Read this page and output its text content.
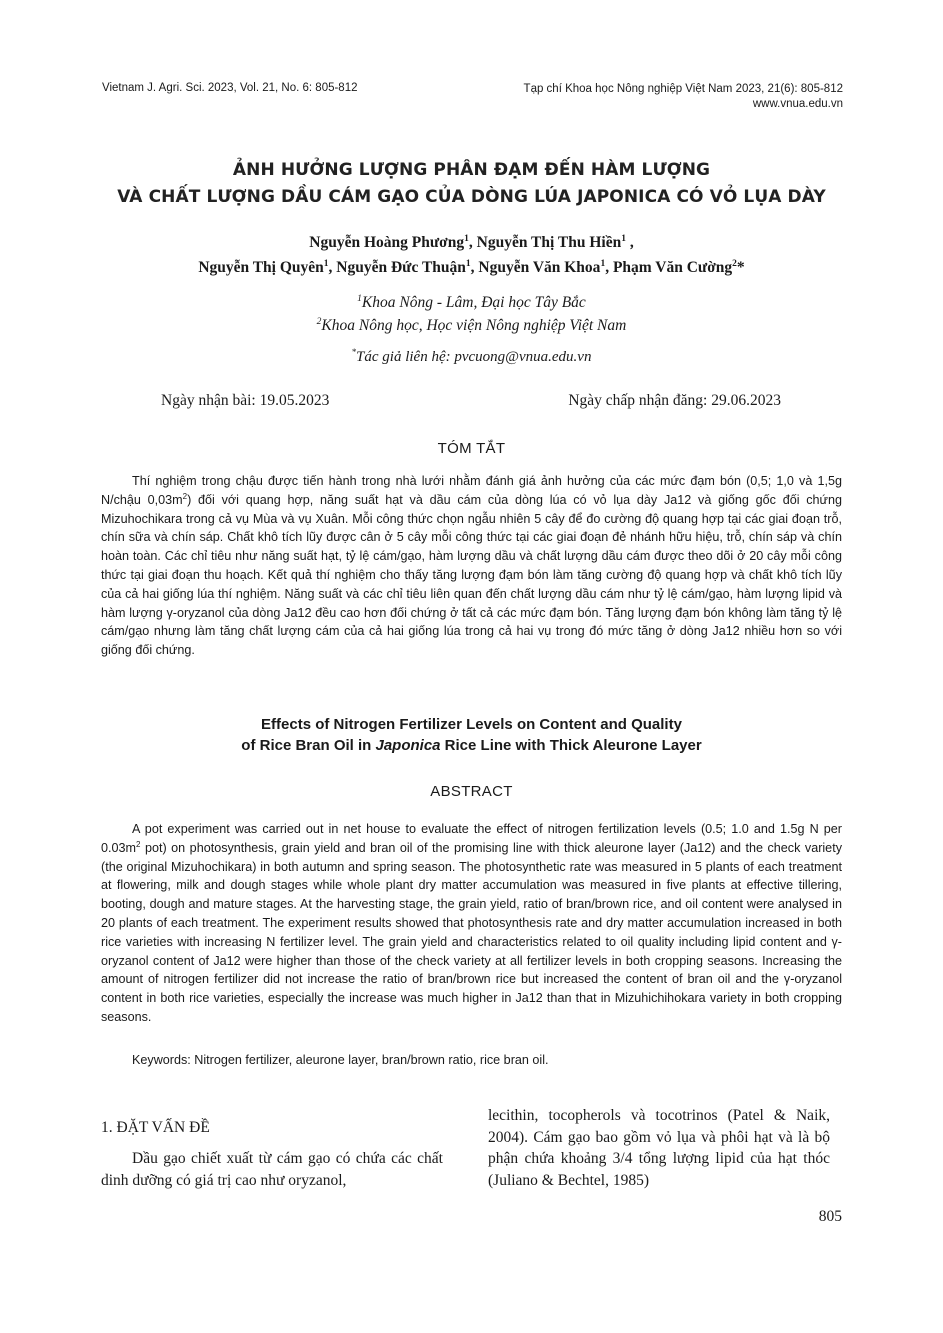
Vietnam J. Agri. Sci. 2023, Vol. 21, No. 6: 805-812	Tạp chí Khoa học Nông nghiệp Việt Nam 2023, 21(6): 805-812
www.vnua.edu.vn
ẢNH HƯỞNG LƯỢNG PHÂN ĐẠM ĐẾN HÀM LƯỢNG
VÀ CHẤT LƯỢNG DẦU CÁM GẠO CỦA DÒNG LÚA JAPONICA CÓ VỎ LỤA DÀY
Nguyễn Hoàng Phương$^1$, Nguyễn Thị Thu Hiền$^1$ ,
Nguyễn Thị Quyên$^1$, Nguyễn Đức Thuận$^1$, Nguyễn Văn Khoa$^1$, Phạm Văn Cường$^2$*
$^1$Khoa Nông - Lâm, Đại học Tây Bắc
$^2$Khoa Nông học, Học viện Nông nghiệp Việt Nam
*Tác giả liên hệ: pvcuong@vnua.edu.vn
Ngày nhận bài: 19.05.2023	Ngày chấp nhận đăng: 29.06.2023
TÓM TẮT

Thí nghiệm trong chậu được tiến hành trong nhà lưới nhằm đánh giá ảnh hưởng của các mức đạm bón (0,5; 1,0 và 1,5g N/chậu $0,03m^2$) đối với quang hợp, năng suất hạt và dầu cám của dòng lúa có vỏ lụa dày Ja12 và giống gốc đối chứng Mizuhochikara trong cả vụ Mùa và vụ Xuân. Mỗi công thức chọn ngẫu nhiên 5 cây để đo cường độ quang hợp tại các giai đoạn trỗ, chín sữa và chín sáp. Chất khô tích lũy được cân ở 5 cây mỗi công thức tại các giai đoạn đẻ nhánh hữu hiệu, trỗ, chín sáp và chín hoàn toàn. Các chỉ tiêu như năng suất hạt, tỷ lệ cám/gạo, hàm lượng dầu và chất lượng dầu cám được theo dõi ở 20 cây mỗi công thức tại giai đoạn thu hoạch. Kết quả thí nghiệm cho thấy tăng lượng đạm bón làm tăng cường độ quang hợp và chất khô tích lũy của cả hai giống lúa thí nghiệm. Năng suất và các chỉ tiêu liên quan đến chất lượng dầu cám như tỷ lệ cám/gạo, hàm lượng lipid và hàm lượng γ-oryzanol của dòng Ja12 đều cao hơn đối chứng ở tất cả các mức đạm bón. Tăng lượng đạm bón không làm tăng tỷ lệ cám/gạo nhưng làm tăng chất lượng cám của cả hai giống lúa trong cả hai vụ trong đó mức tăng ở dòng Ja12 nhiều hơn so với giống đối chứng.

Effects of Nitrogen Fertilizer Levels on Content and Quality
of Rice Bran Oil in Japonica Rice Line with Thick Aleurone Layer
ABSTRACT

A pot experiment was carried out in net house to evaluate the effect of nitrogen fertilization levels (0.5; 1.0 and 1.5g N per $0.03m^2$ pot) on photosynthesis, grain yield and bran oil of the promising line with thick aleurone layer (Ja12) and the check variety (the original Mizuhochikara) in both autumn and spring season. The photosynthetic rate was measured in 5 plants of each treatment at flowering, milk and dough stages while whole plant dry matter accumulation was measured in five plants at effective tillering, booting, dough and mature stages. At the harvesting stage, the grain yield, ratio of bran/brown rice, and oil content were analysed in 20 plants of each treatment. The experiment results showed that photosynthesis rate and dry matter accumulation increased in both rice varieties with increasing N fertilizer level. The grain yield and characteristics related to oil quality including lipid content and γ-oryzanol content of Ja12 were higher than those of the check variety at all fertilizer levels in both cropping seasons. Increasing the amount of nitrogen fertilizer did not increase the ratio of bran/brown rice but increased the content of bran oil and the γ-oryzanol content in both rice varieties, especially the increase was much higher in Ja12 than that in Mizuhichihokara variety in both cropping seasons.

Keywords: Nitrogen fertilizer, aleurone layer, bran/brown ratio, rice bran oil.
1. ĐẶT VẤN ĐỀ

Dầu gạo chiết xuất từ cám gạo có chứa các chất dinh dưỡng có giá trị cao như oryzanol,

lecithin, tocopherols và tocotrinos (Patel & Naik, 2004). Cám gạo bao gồm vỏ lụa và phôi hạt và là bộ phận chứa khoảng 3/4 tổng lượng lipid của hạt thóc (Juliano & Bechtel, 1985)

805
